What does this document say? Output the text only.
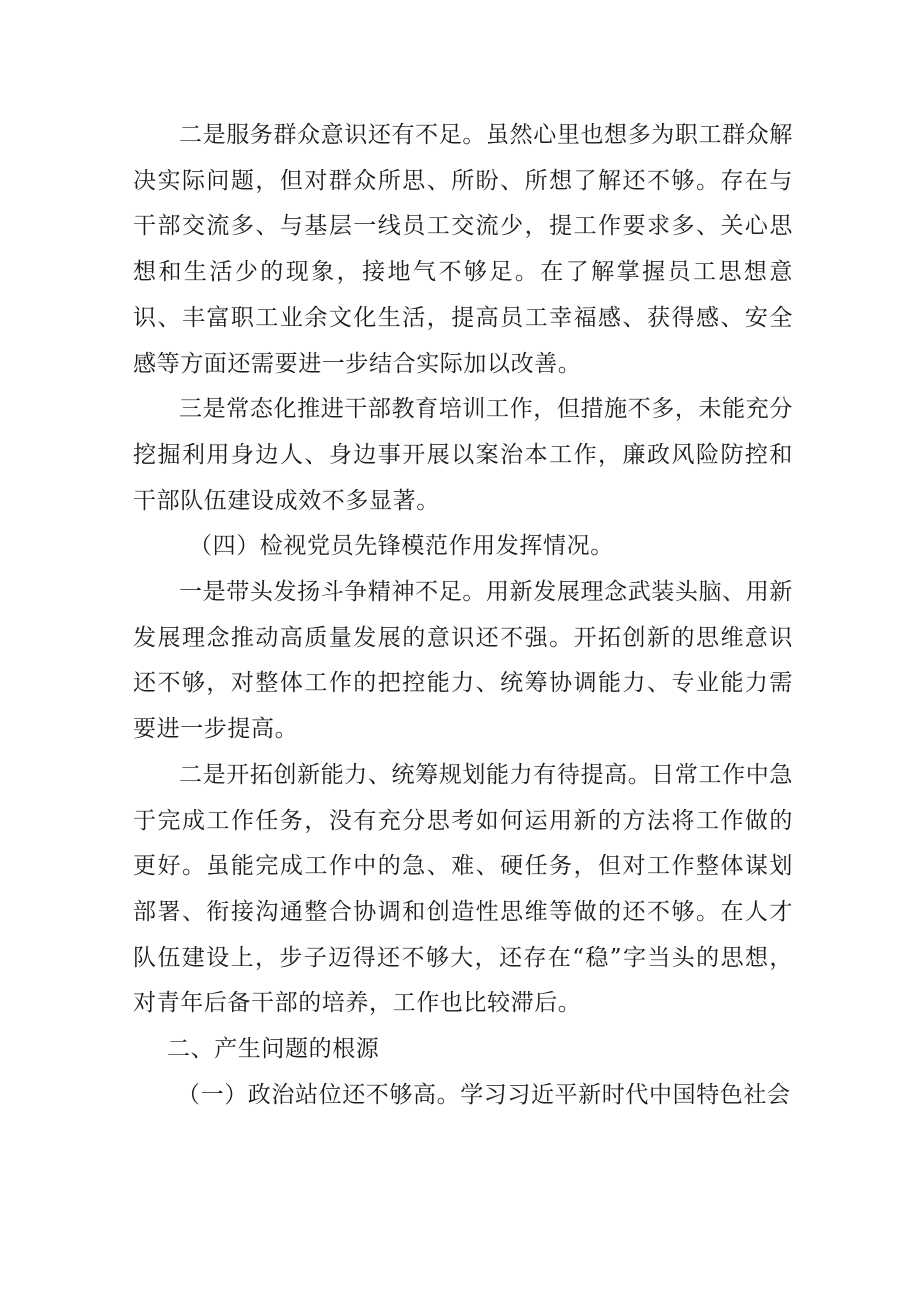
二是服务群众意识还有不足。虽然心里也想多为职工群众解决实际问题，但对群众所思、所盼、所想了解还不够。存在与干部交流多、与基层一线员工交流少，提工作要求多、关心思想和生活少的现象，接地气不够足。在了解掌握员工思想意识、丰富职工业余文化生活，提高员工幸福感、获得感、安全感等方面还需要进一步结合实际加以改善。

三是常态化推进干部教育培训工作，但措施不多，未能充分挖掘利用身边人、身边事开展以案治本工作，廉政风险防控和干部队伍建设成效不多显著。

（四）检视党员先锋模范作用发挥情况。

一是带头发扬斗争精神不足。用新发展理念武装头脑、用新发展理念推动高质量发展的意识还不强。开拓创新的思维意识还不够，对整体工作的把控能力、统筹协调能力、专业能力需要进一步提高。

二是开拓创新能力、统筹规划能力有待提高。日常工作中急于完成工作任务，没有充分思考如何运用新的方法将工作做的更好。虽能完成工作中的急、难、硬任务，但对工作整体谋划部署、衔接沟通整合协调和创造性思维等做的还不够。在人才队伍建设上，步子迈得还不够大，还存在“稳”字当头的思想，对青年后备干部的培养，工作也比较滞后。

二、产生问题的根源

（一）政治站位还不够高。学习习近平新时代中国特色社会
